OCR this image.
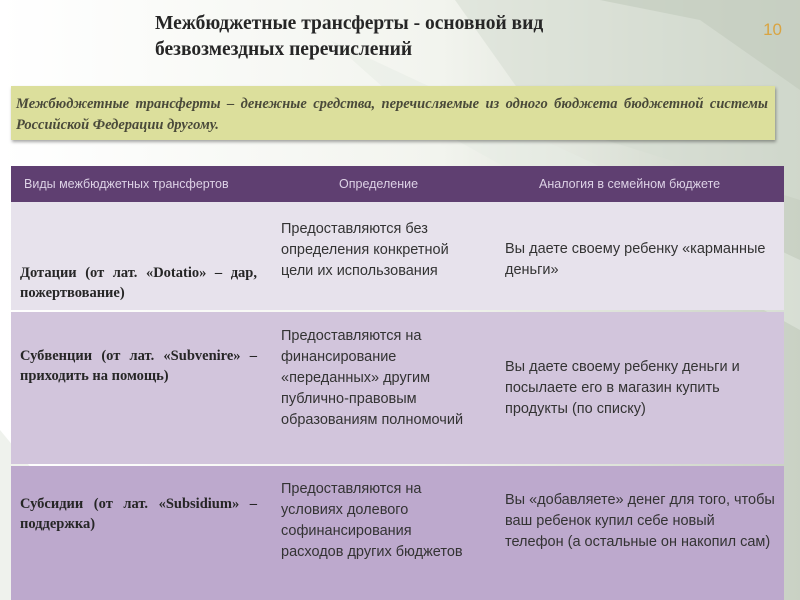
Межбюджетные трансферты - основной вид безвозмездных перечислений
10
Межбюджетные трансферты – денежные средства, перечисляемые из одного бюджета бюджетной системы Российской Федерации другому.
Виды межбюджетных трансфертов	Определение	Аналогия в семейном бюджете
Дотации (от лат. «Dotatio» – дар, пожертвование)
Предоставляются без определения конкретной цели их использования
Вы даете своему ребенку «карманные деньги»
Субвенции (от лат. «Subvenire» – приходить на помощь)
Предоставляются на финансирование «переданных» другим публично-правовым образованиям полномочий
Вы даете своему ребенку деньги и посылаете его в магазин купить продукты (по списку)
Субсидии (от лат. «Subsidium» – поддержка)
Предоставляются на условиях долевого софинансирования расходов других бюджетов
Вы «добавляете» денег для того, чтобы ваш ребенок купил себе новый телефон (а остальные он накопил сам)
